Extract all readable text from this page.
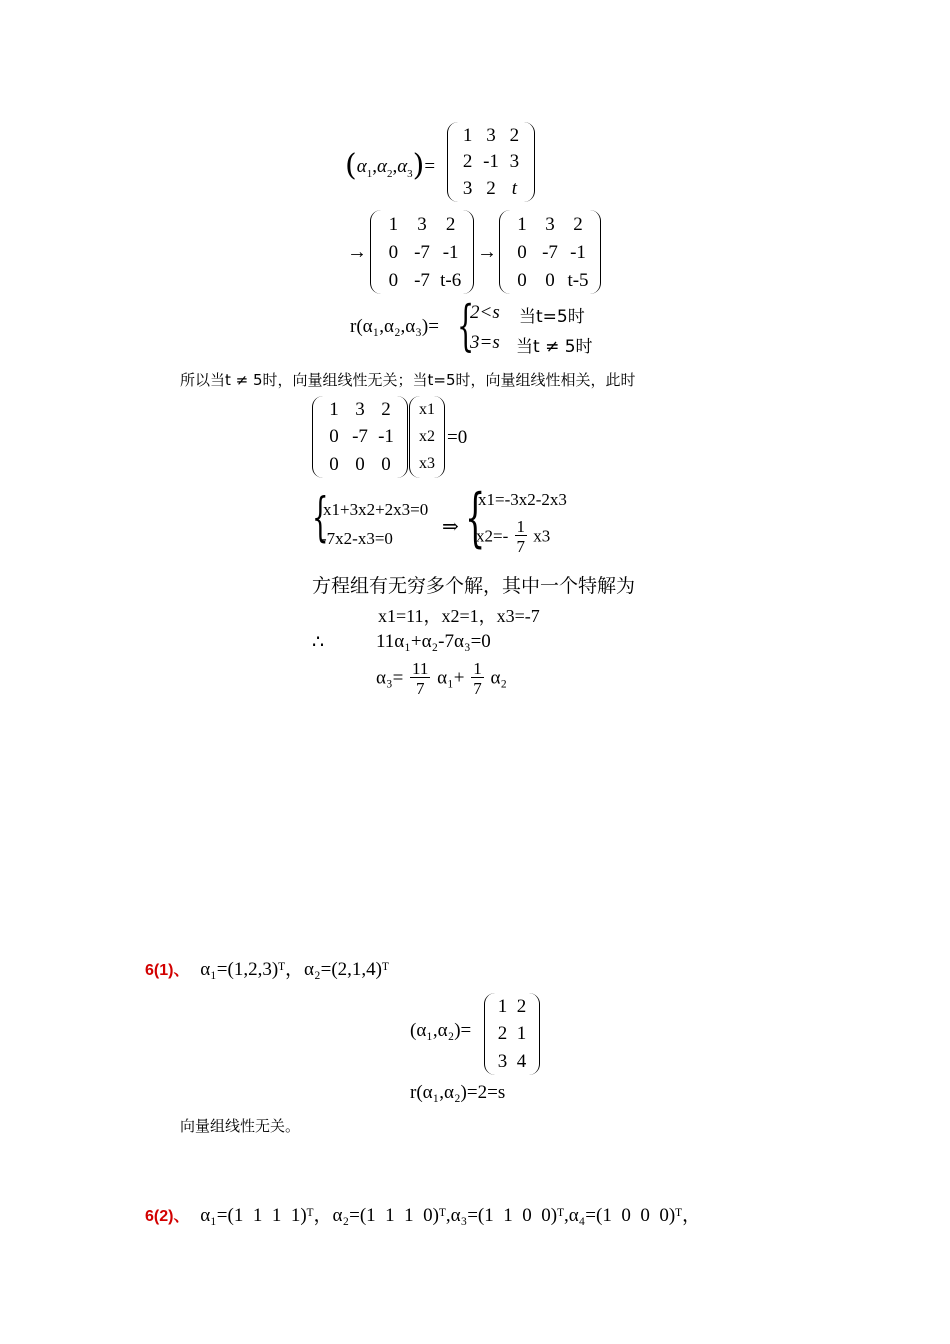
$(\alpha_1,\alpha_2,\alpha_3)=$
1 3 2
2 -1 3
3 2 t
→
1 3 2
0 -7 -1
0 -7 t-6
→
1 3 2
0 -7 -1
0 0 t-5
r(α₁,α₂,α₃)= {
2<s 当t=5时
3=s 当t ≠ 5时
所以当t ≠ 5时，向量组线性无关；当t=5时，向量组线性相关，此时
1 3 2
0 -7 -1
0 0 0
x1
x2
x3
=0
{
x1+3x2+2x3=0
-7x2-x3=0
⇒ {
x1=-3x2-2x3
$x2=- \frac{1}{7} x3$
方程组有无穷多个解，其中一个特解为
x1=11，x2=1，x3=-7
∴	11α₁+α₂-7α₃=0
$\alpha_3= \frac{11}{7} \alpha_1+ \frac{1}{7} \alpha_2$
6(1)、 α₁=(1,2,3)ᵀ，α₂=(2,1,4)ᵀ
(α₁,α₂)=
1 2
2 1
3 4
r(α₁,α₂)=2=s
向量组线性无关。
6(2)、 α₁=(1  1  1  1)ᵀ，α₂=(1  1  1  0)ᵀ,α₃=(1  1  0  0)ᵀ,α₄=(1  0  0  0)ᵀ，
